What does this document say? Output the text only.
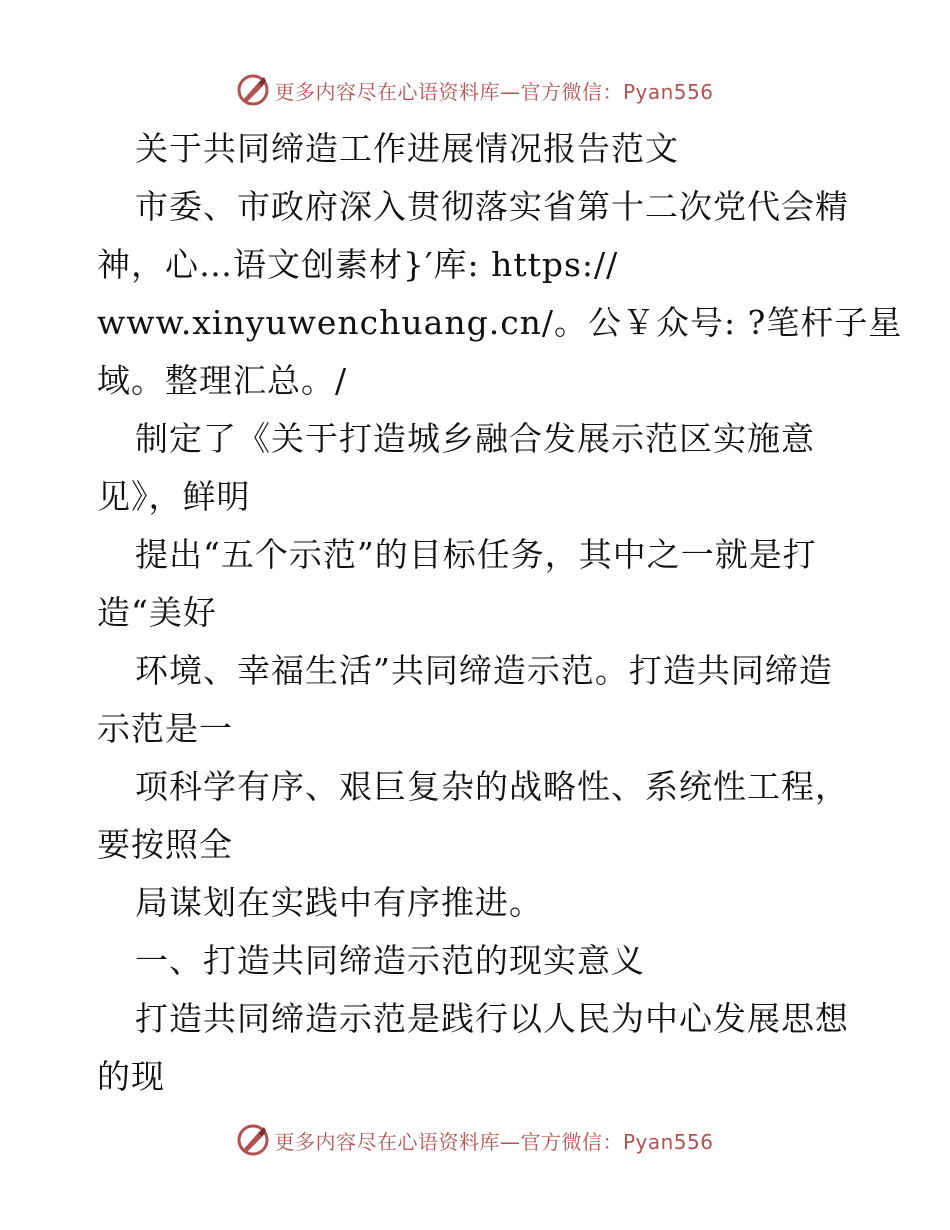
更多内容尽在心语资料库—官方微信：Pyan556
关于共同缔造工作进展情况报告范文
市委、市政府深入贯彻落实省第十二次党代会精
神，心…语文创素材}′库: https://
www.xinyuwenchuang.cn/。公￥众号: ?笔杆子星
域。整理汇总。/
制定了《关于打造城乡融合发展示范区实施意
见》，鲜明
提出“五个示范”的目标任务，其中之一就是打
造“美好
环境、幸福生活”共同缔造示范。打造共同缔造
示范是一
项科学有序、艰巨复杂的战略性、系统性工程，
要按照全
局谋划在实践中有序推进。
一、打造共同缔造示范的现实意义
打造共同缔造示范是践行以人民为中心发展思想
的现
更多内容尽在心语资料库—官方微信：Pyan556
